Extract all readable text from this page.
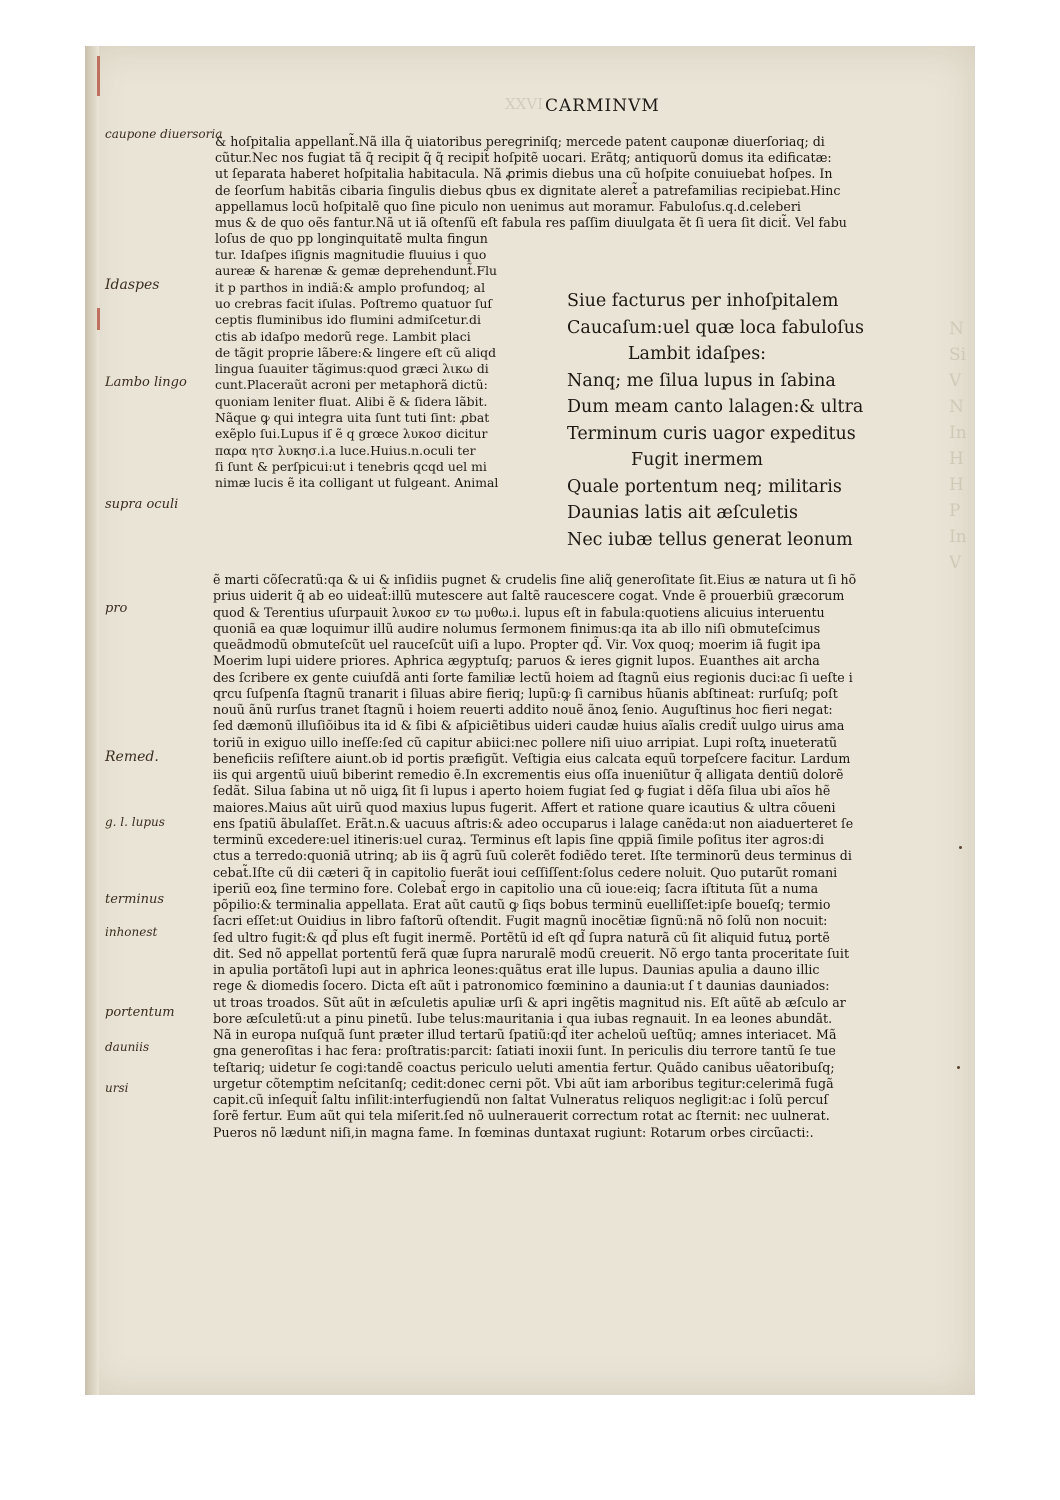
XXVI CARMINVM
N
Si
V
N
In
H
H
P
In
V
caupone diuersoria
Idaspes
Lambo lingo
supra oculi
pro
Remed.
g. l. lupus
terminus
inhonest
portentum
dauniis
ursi
& hoſpitalia appellant̃.Nã illa q̃ uiatoribus peregriniſq; mercede patent cauponæ diuerſoriaq; di
cũtur.Nec nos fugiat tã q̃ recipit q̃ q̃ recipit̃ hoſpitẽ uocari. Erãtq; antiquorũ domus ita edificatæ:
ut ſeparata haberet hoſpitalia habitacula. Nã ꝓrimis diebus una cũ hoſpite conuiuebat hoſpes. In
de ſeorſum habitãs cibaria ſingulis diebus qbus ex dignitate aleret̃ a patrefamilias recipiebat.Hinc
appellamus locũ hoſpitalẽ quo ſine piculo non uenimus aut moramur. Fabuloſus.q.d.celeberi
mus & de quo oẽs fantur.Nã ut iã oſtenſũ eſt fabula res paſſim diuulgata ẽt ſi uera ſit dicit̃. Vel fabu
loſus de quo pp longinquitatẽ multa fingun
tur. Idaſpes iſignis magnitudie fluuius i quo
aureæ & harenæ & gemæ deprehendunt̃.Flu
it p parthos in indiã:& amplo profundoq; al
uo crebras facit iſulas. Poſtremo quatuor ſuſ
ceptis fluminibus ido flumini admiſcetur.di
ctis ab idaſpo medorũ rege. Lambit placi
de tãgit proprie lãbere:& lingere eſt cũ aliqd
lingua ſuauiter tãgimus:quod græci λικω di
cunt.Placeraũt acroni per metaphorã dictũ:
quoniam leniter fluat. Alibi ẽ & ſidera lãbit.
Nãque ꝙ qui integra uita ſunt tuti ſint: ꝓbat
exẽplo ſui.Lupus iſ ẽ q grœce λυκοσ dicitur
παρα ητσ λυκησ.i.a luce.Huius.n.oculi ter
ſi ſunt & perſpicui:ut i tenebris qcqd uel mi
nimæ lucis ẽ ita colligant ut fulgeant. Animal
Siue facturus per inhoſpitalem
Caucaſum:uel quæ loca fabuloſus
Lambit idaſpes:
Nanq; me ſilua lupus in ſabina
Dum meam canto lalagen:& ultra
Terminum curis uagor expeditus
Fugit inermem
Quale portentum neq; militaris
Daunias latis ait æſculetis
Nec iubæ tellus generat leonum
ẽ marti cõſecratũ:qa & ui & inſidiis pugnet & crudelis ſine aliq̃ generoſitate ſit.Eius æ natura ut ſi hõ
prius uiderit q̃ ab eo uideat̃:illũ mutescere aut ſaltẽ raucescere cogat. Vnde ẽ prouerbiũ græcorum
quod & Terentius uſurpauit λυκοσ εν τω μυθω.i. lupus eſt in fabula:quotiens alicuius interuentu
quoniã ea quæ loquimur illũ audire nolumus ſermonem finimus:qa ita ab illo niſi obmuteſcimus
queãdmodũ obmuteſcũt uel rauceſcũt uiſi a lupo. Propter qd̃. Vir. Vox quoq; moerim iã fugit ipa
Moerim lupi uidere priores. Aphrica ægyptuſq; paruos & ieres gignit lupos. Euanthes ait archa
des ſcribere ex gente cuiuſdã anti ſorte familiæ lectũ hoiem ad ſtagnũ eius regionis duci:ac ſi ueſte i
qrcu ſuſpenſa ſtagnũ tranarit i ſiluas abire fieriq; lupũ:ꝙ ſi carnibus hũanis abſtineat: rurſuſq; poſt
nouũ ãnũ rurſus tranet ſtagnũ i hoiem reuerti addito nouẽ ãnoꝝ ſenio. Auguſtinus hoc fieri negat:
ſed dæmonũ illuſiõibus ita id & ſibi & aſpiciẽtibus uideri caudæ huius aĩalis credit̃ uulgo uirus ama
toriũ in exiguo uillo ineſſe:ſed cũ capitur abiici:nec pollere niſi uiuo arripiat. Lupi roſtꝝ inueteratũ
beneficiis reſiſtere aiunt.ob id portis præfigũt. Veſtigia eius calcata equũ torpeſcere facitur. Lardum
iis qui argentũ uiuũ biberint remedio ẽ.In excrementis eius oſſa inueniũtur q̃ alligata dentiũ dolorẽ
ſedãt. Silua ſabina ut nõ uigꝝ ſit ſi lupus i aperto hoiem fugiat ſed ꝙ fugiat i dẽſa ſilua ubi aĩos hẽ
maiores.Maius aũt uirũ quod maxius lupus fugerit. Affert et ratione quare icautius & ultra cõueni
ens ſpatiũ ãbulaſſet. Erãt.n.& uacuus aſtris:& adeo occuparus i lalage canẽda:ut non aiaduerteret ſe
terminũ excedere:uel itineris:uel curaꝝ. Terminus eſt lapis ſine qppiã ſimile poſitus iter agros:di
ctus a terredo:quoniã utrinq; ab iis q̃ agrũ ſuũ colerẽt fodiẽdo teret. Iſte terminorũ deus terminus di
cebat̃.Iſte cũ dii cæteri q̃ in capitolio fuerãt ioui ceſſiſſent:ſolus cedere noluit. Quo putarũt romani
iperiũ eoꝝ ſine termino fore. Colebat̃ ergo in capitolio una cũ ioue:eiq; ſacra iſtituta ſũt a numa
põpilio:& terminalia appellata. Erat aũt cautũ ꝙ ſiqs bobus terminũ euelliſſet:ipſe boueſq; termio
ſacri eſſet:ut Ouidius in libro faſtorũ oſtendit. Fugit magnũ inocẽtiæ ſignũ:nã nõ ſolũ non nocuit:
ſed ultro fugit:& qd̃ plus eſt fugit inermẽ. Portẽtũ id eſt qd̃ ſupra naturã cũ ſit aliquid futuꝝ portẽ
dit. Sed nõ appellat portentũ ferã quæ ſupra naruralẽ modũ creuerit. Nõ ergo tanta proceritate ſuit
in apulia portãtoſi lupi aut in aphrica leones:quãtus erat ille lupus. Daunias apulia a dauno illic
rege & diomedis ſocero. Dicta eſt aũt i patronomico fœminino a daunia:ut ſ t daunias dauniados:
ut troas troados. Sũt aũt in æſculetis apuliæ urſi & apri ingẽtis magnitud nis. Eſt aũtẽ ab æſculo ar
bore æſculetũ:ut a pinu pinetũ. Iube telus:mauritania i qua iubas regnauit. In ea leones abundãt.
Nã in europa nuſquã ſunt præter illud tertarũ ſpatiũ:qd̃ iter acheloũ ueſtũq; amnes interiacet. Mã
gna generoſitas i hac fera: proſtratis:parcit: ſatiati inoxii ſunt. In periculis diu terrore tantũ ſe tue
teſtariq; uidetur ſe cogi:tandẽ coactus periculo ueluti amentia fertur. Quãdo canibus uẽatoribuſq;
urgetur cõtemptim neſcitanſq; cedit:donec cerni põt. Vbi aũt iam arboribus tegitur:celerimã fugã
capit.cũ inſequit̃ ſaltu inſilit:interfugiendũ non ſaltat Vulneratus reliquos negligit:ac i ſolũ percuſ
ſorẽ fertur. Eum aũt qui tela miſerit.ſed nõ uulnerauerit correctum rotat ac ſternit: nec uulnerat.
Pueros nõ lædunt niſi,in magna fame. In fœminas duntaxat rugiunt: Rotarum orbes circũacti:.
